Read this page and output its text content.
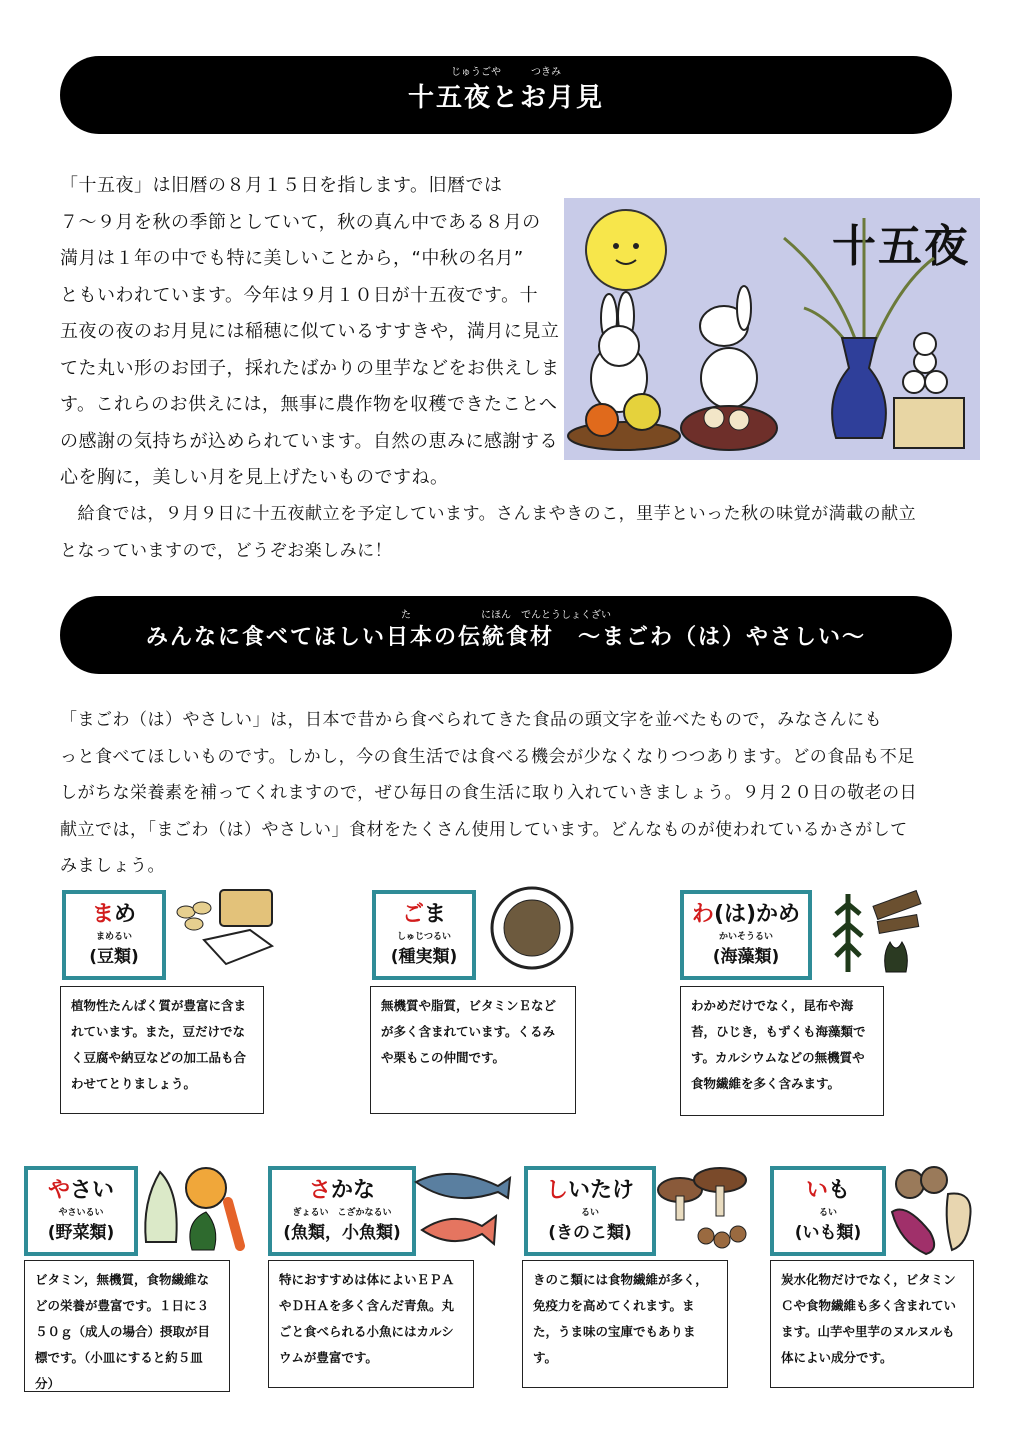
じゅうごや　　　つきみ
十五夜とお月見

「十五夜」は旧暦の８月１５日を指します。旧暦では

７～９月を秋の季節としていて，秋の真ん中である８月の

満月は１年の中でも特に美しいことから，“中秋の名月”

ともいわれています。今年は９月１０日が十五夜です。十

五夜の夜のお月見には稲穂に似ているすすきや，満月に見立

てた丸い形のお団子，採れたばかりの里芋などをお供えしま

す。これらのお供えには，無事に農作物を収穫できたことへ

の感謝の気持ちが込められています。自然の恵みに感謝する

心を胸に，美しい月を見上げたいものですね。

　給食では，９月９日に十五夜献立を予定しています。さんまやきのこ，里芋といった秋の味覚が満載の献立

となっていますので，どうぞお楽しみに！

十五夜
た　　　　　　　にほん　でんとうしょくざい
みんなに食べてほしい日本の伝統食材　～まごわ（は）やさしい～

「まごわ（は）やさしい」は，日本で昔から食べられてきた食品の頭文字を並べたもので，みなさんにも

っと食べてほしいものです。しかし，今の食生活では食べる機会が少なくなりつつあります。どの食品も不足

しがちな栄養素を補ってくれますので，ぜひ毎日の食生活に取り入れていきましょう。９月２０日の敬老の日

献立では，「まごわ（は）やさしい」食材をたくさん使用しています。どんなものが使われているかさがして

みましょう。

まめ
まめるい
(豆類)
植物性たんぱく質が豊富に含まれています。また，豆だけでなく豆腐や納豆などの加工品も合わせてとりましょう。
ごま
しゅじつるい
(種実類)
無機質や脂質，ビタミンＥなどが多く含まれています。くるみや栗もこの仲間です。
わ(は)かめ
かいそうるい
(海藻類)
わかめだけでなく，昆布や海苔，ひじき，もずくも海藻類です。カルシウムなどの無機質や食物繊維を多く含みます。
やさい
やさいるい
(野菜類)
ビタミン，無機質，食物繊維などの栄養が豊富です。１日に３５０ｇ（成人の場合）摂取が目標です。（小皿にすると約５皿分）
さかな
ぎょるい　こざかなるい
(魚類，小魚類)
特におすすめは体によいＥＰＡやＤＨＡを多く含んだ青魚。丸ごと食べられる小魚にはカルシウムが豊富です。
しいたけ
るい
(きのこ類)
きのこ類には食物繊維が多く，免疫力を高めてくれます。また，うま味の宝庫でもあります。
いも
るい
(いも類)
炭水化物だけでなく，ビタミンＣや食物繊維も多く含まれています。山芋や里芋のヌルヌルも体によい成分です。
